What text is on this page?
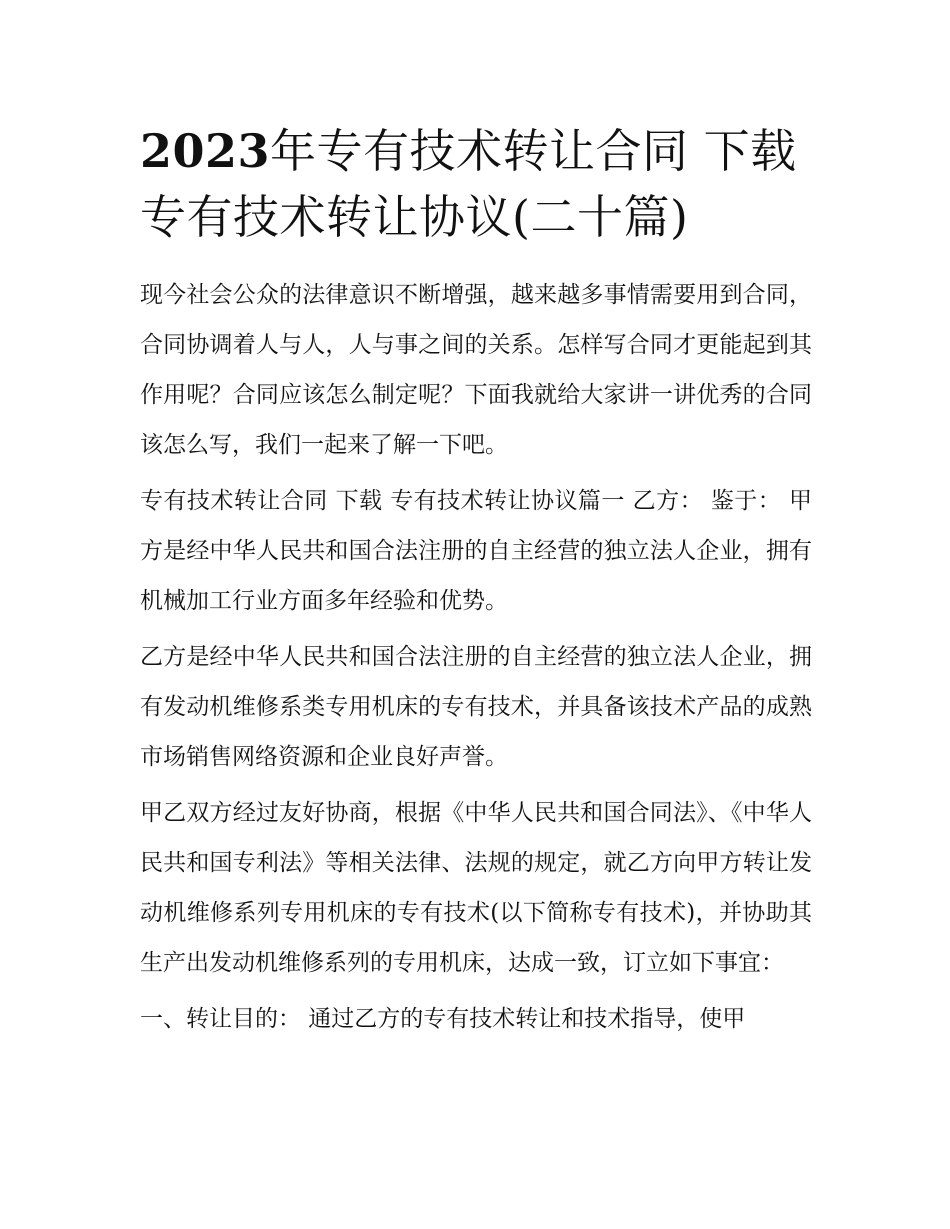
2023年专有技术转让合同 下载 专有技术转让协议(二十篇)

现今社会公众的法律意识不断增强，越来越多事情需要用到合同，合同协调着人与人，人与事之间的关系。怎样写合同才更能起到其作用呢？合同应该怎么制定呢？下面我就给大家讲一讲优秀的合同该怎么写，我们一起来了解一下吧。

专有技术转让合同 下载 专有技术转让协议篇一 乙方： 鉴于： 甲方是经中华人民共和国合法注册的自主经营的独立法人企业，拥有机械加工行业方面多年经验和优势。

乙方是经中华人民共和国合法注册的自主经营的独立法人企业，拥有发动机维修系类专用机床的专有技术，并具备该技术产品的成熟市场销售网络资源和企业良好声誉。

甲乙双方经过友好协商，根据《中华人民共和国合同法》、《中华人民共和国专利法》等相关法律、法规的规定，就乙方向甲方转让发动机维修系列专用机床的专有技术(以下简称专有技术)，并协助其生产出发动机维修系列的专用机床，达成一致，订立如下事宜：

一、转让目的： 通过乙方的专有技术转让和技术指导，使甲
